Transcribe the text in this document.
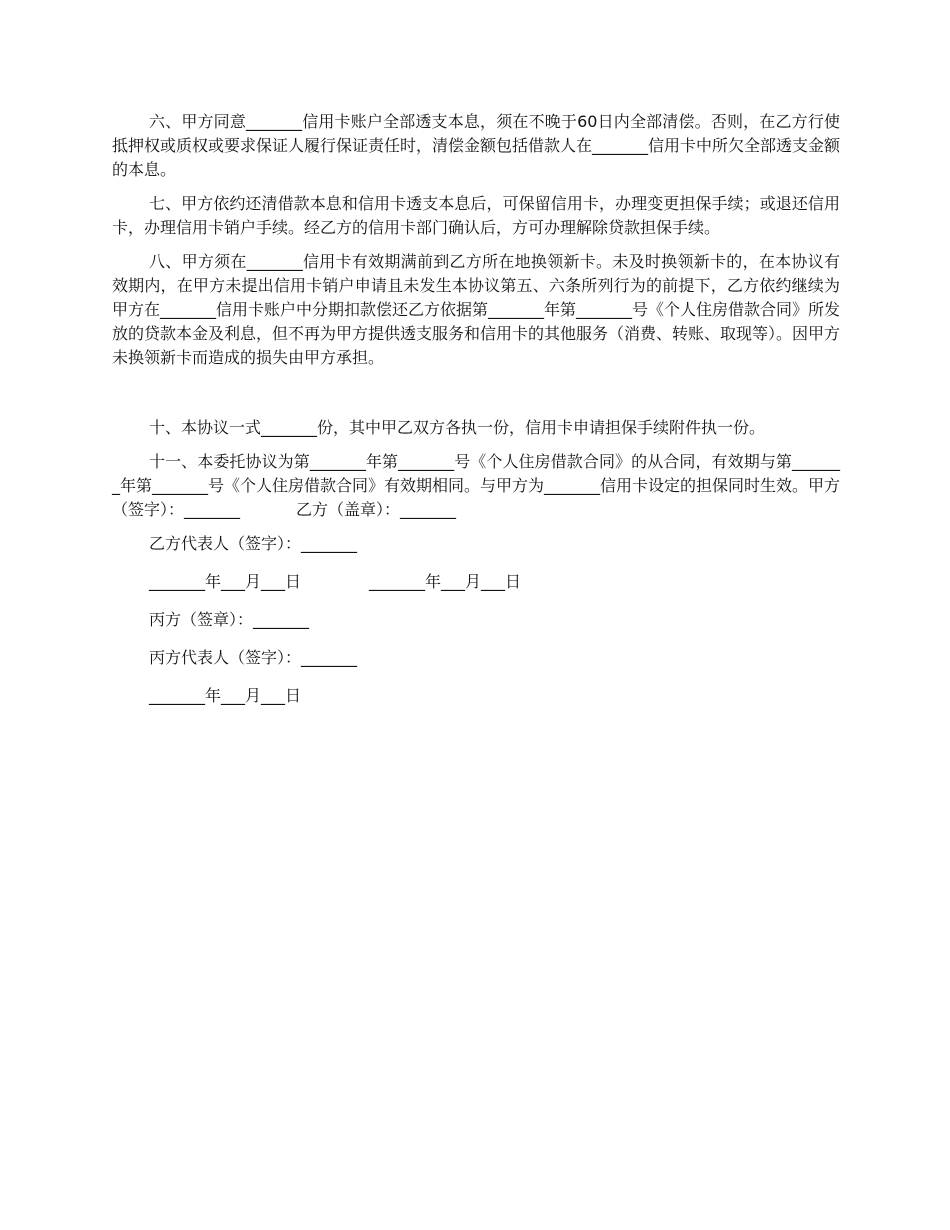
六、甲方同意_______信用卡账户全部透支本息，须在不晚于60日内全部清偿。否则，在乙方行使抵押权或质权或要求保证人履行保证责任时，清偿金额包括借款人在_______信用卡中所欠全部透支金额的本息。

七、甲方依约还清借款本息和信用卡透支本息后，可保留信用卡，办理变更担保手续；或退还信用卡，办理信用卡销户手续。经乙方的信用卡部门确认后，方可办理解除贷款担保手续。

八、甲方须在_______信用卡有效期满前到乙方所在地换领新卡。未及时换领新卡的，在本协议有效期内，在甲方未提出信用卡销户申请且未发生本协议第五、六条所列行为的前提下，乙方依约继续为甲方在_______信用卡账户中分期扣款偿还乙方依据第_______年第_______号《个人住房借款合同》所发放的贷款本金及利息，但不再为甲方提供透支服务和信用卡的其他服务（消费、转账、取现等）。因甲方未换领新卡而造成的损失由甲方承担。

十、本协议一式_______份，其中甲乙双方各执一份，信用卡申请担保手续附件执一份。

十一、本委托协议为第_______年第_______号《个人住房借款合同》的从合同，有效期与第_______年第_______号《个人住房借款合同》有效期相同。与甲方为_______信用卡设定的担保同时生效。甲方（签字）：_______           乙方（盖章）：_______

乙方代表人（签字）：_______
_______年___月___日	_______年___月___日
丙方（签章）：_______
丙方代表人（签字）：_______
_______年___月___日
